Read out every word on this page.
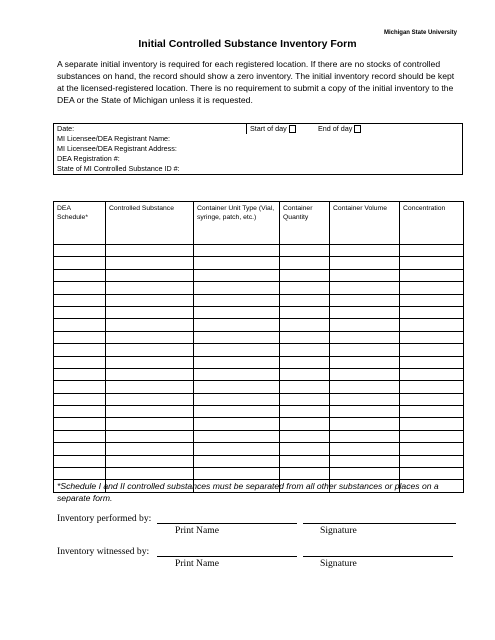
Michigan State University
Initial Controlled Substance Inventory Form

A separate initial inventory is required for each registered location. If there are no stocks of controlled substances on hand, the record should show a zero inventory. The initial inventory record should be kept at the licensed-registered location. There is no requirement to submit a copy of the initial inventory to the DEA or the State of Michigan unless it is requested.

Date:	Start of day	End of day
MI Licensee/DEA Registrant Name:
MI Licensee/DEA Registrant Address:
DEA Registration #:
State of MI Controlled Substance ID #:
DEA Schedule*	Controlled Substance	Container Unit Type (Vial, syringe, patch, etc.)	Container Quantity	Container Volume	Concentration

*Schedule I and II controlled substances must be separated from all other substances or places on a separate form.

Inventory performed by:
Print Name	Signature
Inventory witnessed by:
Print Name	Signature
